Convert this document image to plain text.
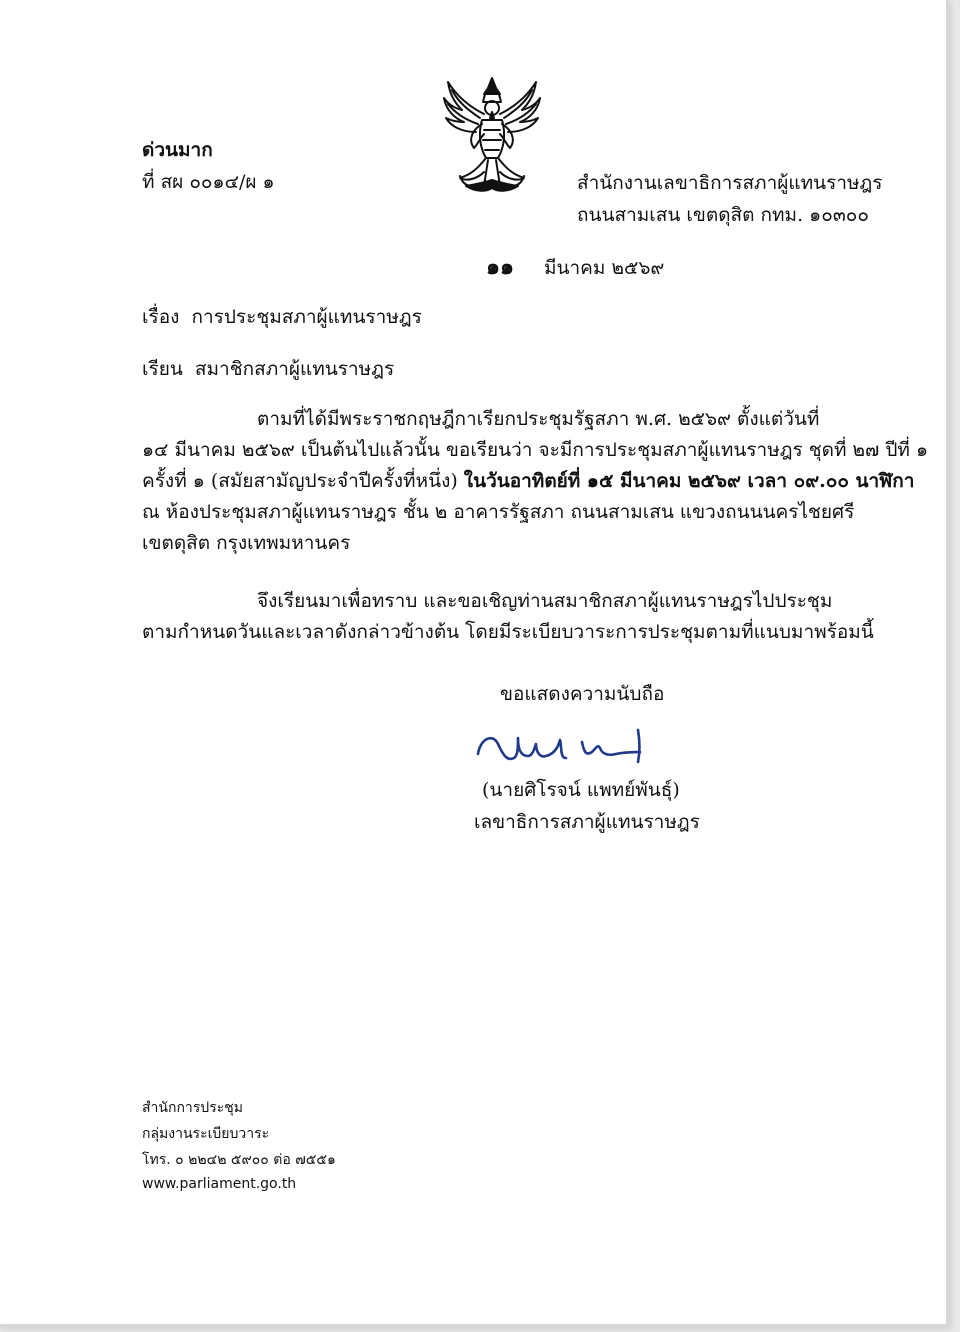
ด่วนมาก
ที่ สผ ๐๐๑๔/ผ ๑	สำนักงานเลขาธิการสภาผู้แทนราษฎร
ถนนสามเสน เขตดุสิต กทม. ๑๐๓๐๐
๑๑ มีนาคม ๒๕๖๙
เรื่อง การประชุมสภาผู้แทนราษฎร
เรียน สมาชิกสภาผู้แทนราษฎร
ตามที่ได้มีพระราชกฤษฎีกาเรียกประชุมรัฐสภา พ.ศ. ๒๕๖๙ ตั้งแต่วันที่
๑๔ มีนาคม ๒๕๖๙ เป็นต้นไปแล้วนั้น ขอเรียนว่า จะมีการประชุมสภาผู้แทนราษฎร ชุดที่ ๒๗ ปีที่ ๑
ครั้งที่ ๑ (สมัยสามัญประจำปีครั้งที่หนึ่ง) ในวันอาทิตย์ที่ ๑๕ มีนาคม ๒๕๖๙ เวลา ๐๙.๐๐ นาฬิกา
ณ ห้องประชุมสภาผู้แทนราษฎร ชั้น ๒ อาคารรัฐสภา ถนนสามเสน แขวงถนนนครไชยศรี
เขตดุสิต กรุงเทพมหานคร
จึงเรียนมาเพื่อทราบ และขอเชิญท่านสมาชิกสภาผู้แทนราษฎรไปประชุม
ตามกำหนดวันและเวลาดังกล่าวข้างต้น โดยมีระเบียบวาระการประชุมตามที่แนบมาพร้อมนี้
ขอแสดงความนับถือ
(นายศิโรจน์ แพทย์พันธุ์)
เลขาธิการสภาผู้แทนราษฎร
สำนักการประชุม
กลุ่มงานระเบียบวาระ
โทร. ๐ ๒๒๔๒ ๕๙๐๐ ต่อ ๗๕๕๑
www.parliament.go.th
